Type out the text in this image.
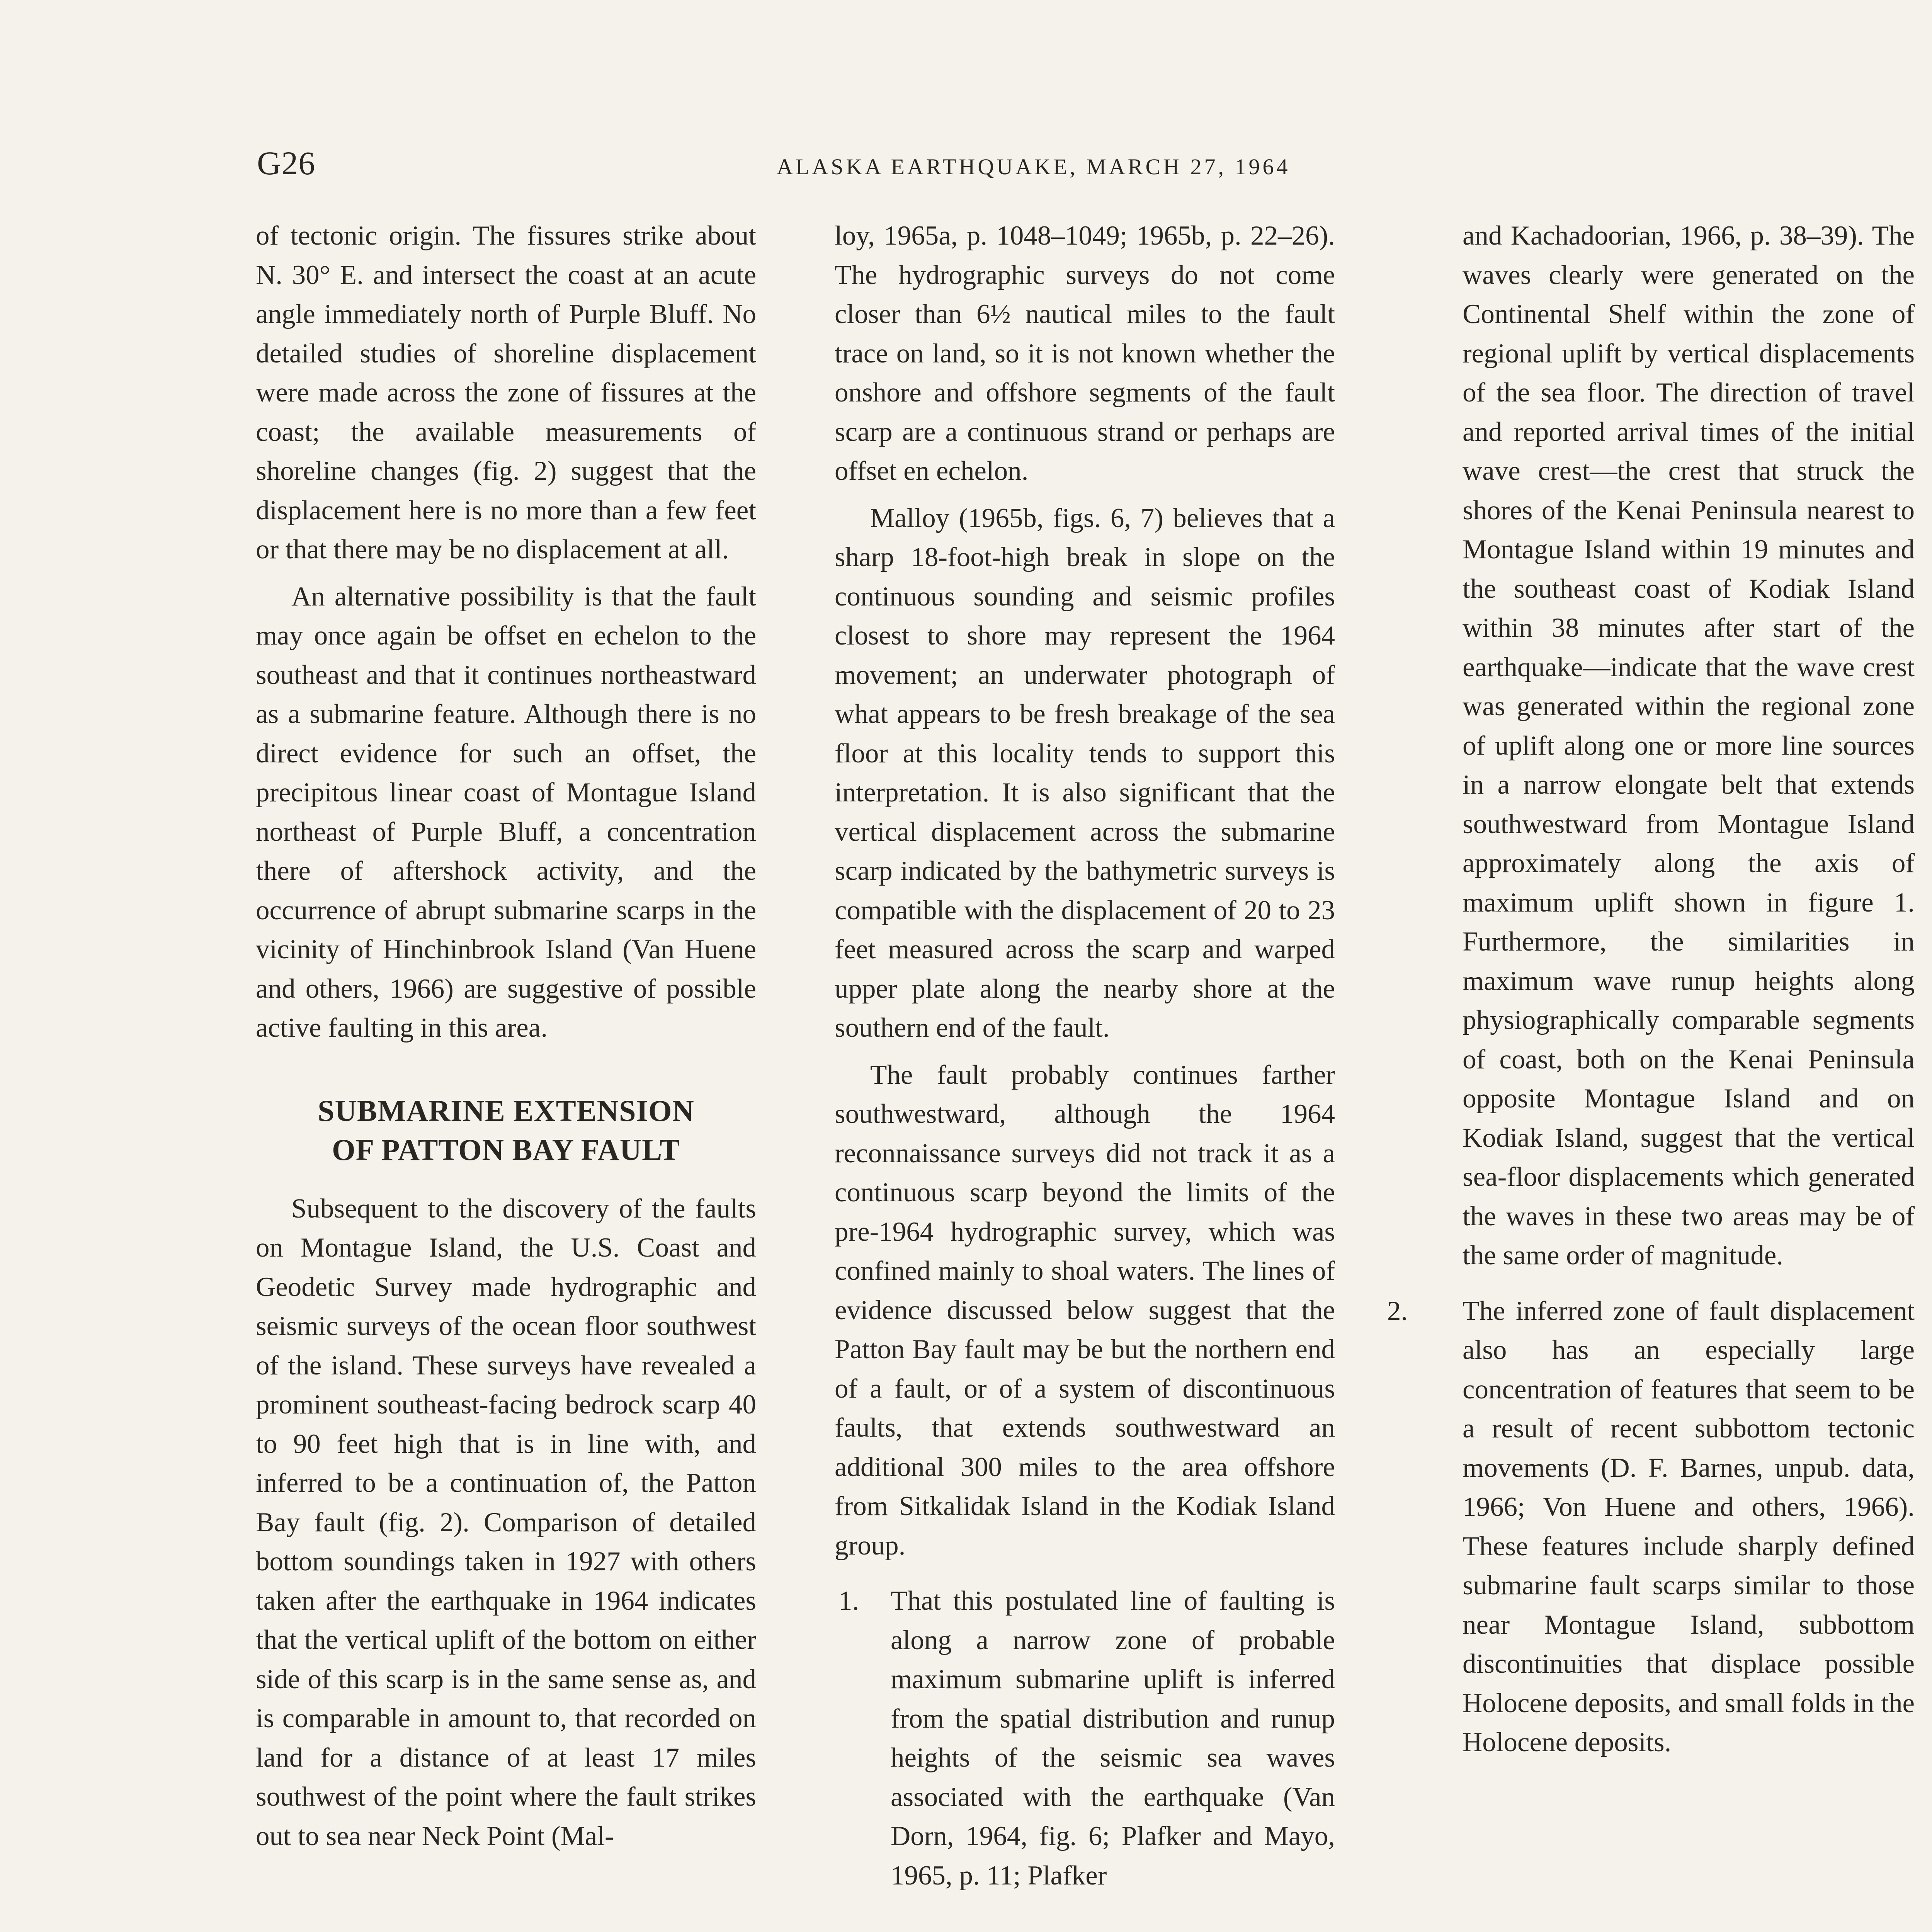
G26	ALASKA EARTHQUAKE, MARCH 27, 1964

of tectonic origin. The fissures strike about N. 30° E. and intersect the coast at an acute angle immediately north of Purple Bluff. No detailed studies of shoreline displacement were made across the zone of fissures at the coast; the available measurements of shoreline changes (fig. 2) suggest that the displacement here is no more than a few feet or that there may be no displacement at all.

An alternative possibility is that the fault may once again be offset en echelon to the southeast and that it continues northeastward as a submarine feature. Although there is no direct evidence for such an offset, the precipitous linear coast of Montague Island northeast of Purple Bluff, a concentration there of aftershock activity, and the occurrence of abrupt submarine scarps in the vicinity of Hinchinbrook Island (Van Huene and others, 1966) are suggestive of possible active faulting in this area.

SUBMARINE EXTENSION
OF PATTON BAY FAULT

Subsequent to the discovery of the faults on Montague Island, the U.S. Coast and Geodetic Survey made hydrographic and seismic surveys of the ocean floor southwest of the island. These surveys have revealed a prominent southeast-facing bedrock scarp 40 to 90 feet high that is in line with, and inferred to be a continuation of, the Patton Bay fault (fig. 2). Comparison of detailed bottom soundings taken in 1927 with others taken after the earthquake in 1964 indicates that the vertical uplift of the bottom on either side of this scarp is in the same sense as, and is comparable in amount to, that recorded on land for a distance of at least 17 miles southwest of the point where the fault strikes out to sea near Neck Point (Mal-

loy, 1965a, p. 1048–1049; 1965b, p. 22–26). The hydrographic surveys do not come closer than 6½ nautical miles to the fault trace on land, so it is not known whether the onshore and offshore segments of the fault scarp are a continuous strand or perhaps are offset en echelon.

Malloy (1965b, figs. 6, 7) believes that a sharp 18-foot-high break in slope on the continuous sounding and seismic profiles closest to shore may represent the 1964 movement; an underwater photograph of what appears to be fresh breakage of the sea floor at this locality tends to support this interpretation. It is also significant that the vertical displacement across the submarine scarp indicated by the bathymetric surveys is compatible with the displacement of 20 to 23 feet measured across the scarp and warped upper plate along the nearby shore at the southern end of the fault.

The fault probably continues farther southwestward, although the 1964 reconnaissance surveys did not track it as a continuous scarp beyond the limits of the pre-1964 hydrographic survey, which was confined mainly to shoal waters. The lines of evidence discussed below suggest that the Patton Bay fault may be but the northern end of a fault, or of a system of discontinuous faults, that extends southwestward an additional 300 miles to the area offshore from Sitkalidak Island in the Kodiak Island group.

1. That this postulated line of faulting is along a narrow zone of probable maximum submarine uplift is inferred from the spatial distribution and runup heights of the seismic sea waves associated with the earthquake (Van Dorn, 1964, fig. 6; Plafker and Mayo, 1965, p. 11; Plafker

and Kachadoorian, 1966, p. 38–39). The waves clearly were generated on the Continental Shelf within the zone of regional uplift by vertical displacements of the sea floor. The direction of travel and reported arrival times of the initial wave crest—the crest that struck the shores of the Kenai Peninsula nearest to Montague Island within 19 minutes and the southeast coast of Kodiak Island within 38 minutes after start of the earthquake—indicate that the wave crest was generated within the regional zone of uplift along one or more line sources in a narrow elongate belt that extends southwestward from Montague Island approximately along the axis of maximum uplift shown in figure 1. Furthermore, the similarities in maximum wave runup heights along physiographically comparable segments of coast, both on the Kenai Peninsula opposite Montague Island and on Kodiak Island, suggest that the vertical sea-floor displacements which generated the waves in these two areas may be of the same order of magnitude.

2. The inferred zone of fault displacement also has an especially large concentration of features that seem to be a result of recent subbottom tectonic movements (D. F. Barnes, unpub. data, 1966; Von Huene and others, 1966). These features include sharply defined submarine fault scarps similar to those near Montague Island, subbottom discontinuities that displace possible Holocene deposits, and small folds in the Holocene deposits.
